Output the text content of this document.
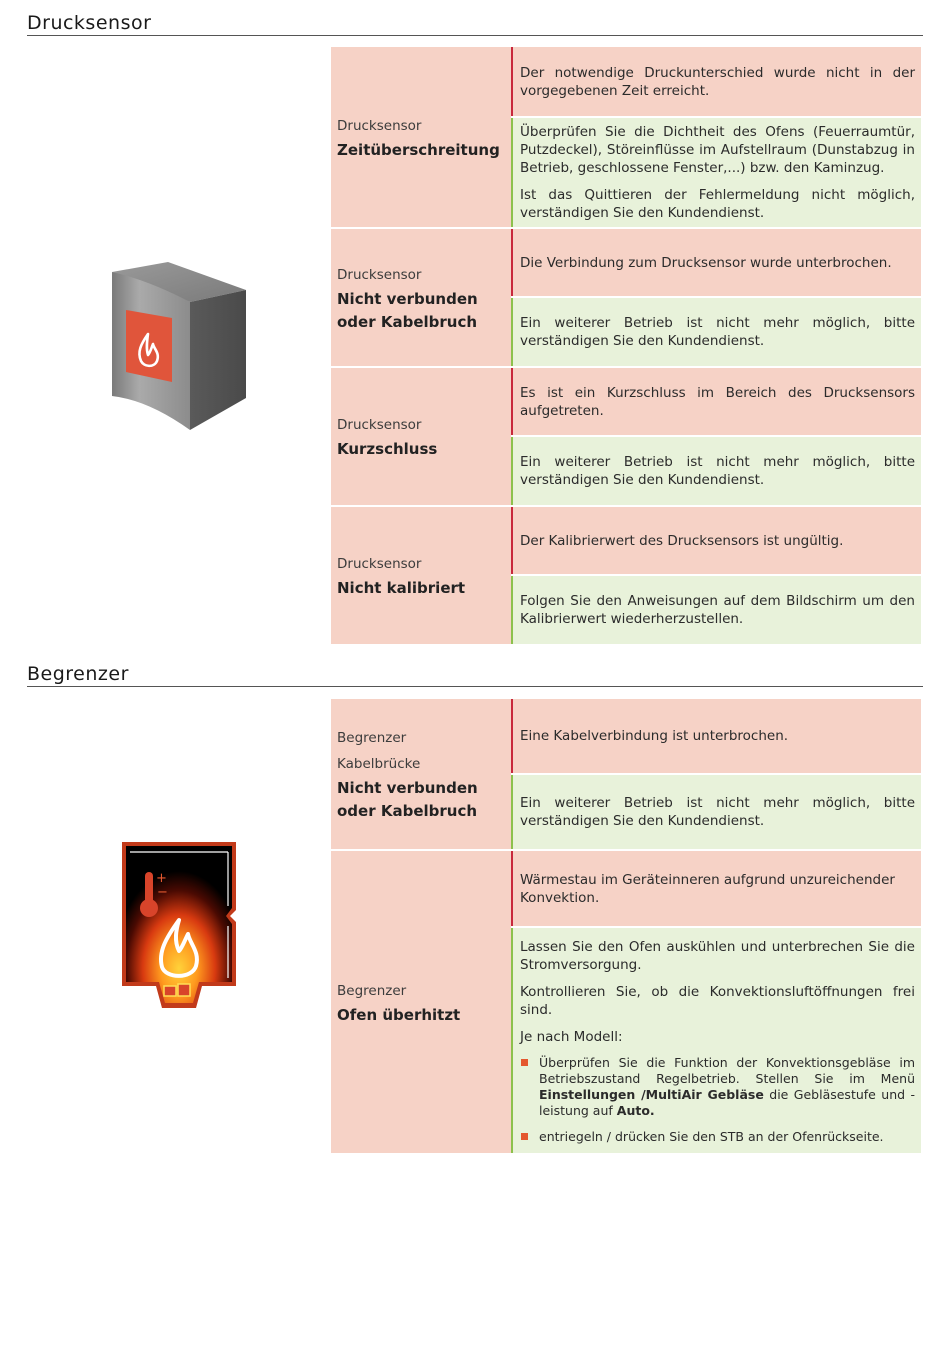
Drucksensor
Drucksensor
Zeitüberschreitung

Der notwendige Druckunterschied wurde nicht in der vorgegebenen Zeit erreicht.

Überprüfen Sie die Dichtheit des Ofens (Feuerraumtür, Putzdeckel), Störeinflüsse im Aufstellraum (Dunstabzug in Betrieb, geschlossene Fenster,...) bzw. den Kaminzug.

Ist das Quittieren der Fehlermeldung nicht möglich, verständigen Sie den Kundendienst.

Drucksensor
Nicht verbunden oder Kabelbruch

Die Verbindung zum Drucksensor wurde unterbrochen.

Ein weiterer Betrieb ist nicht mehr möglich, bitte verständigen Sie den Kundendienst.

Drucksensor
Kurzschluss

Es ist ein Kurzschluss im Bereich des Drucksensors aufgetreten.

Ein weiterer Betrieb ist nicht mehr möglich, bitte verständigen Sie den Kundendienst.

Drucksensor
Nicht kalibriert

Der Kalibrierwert des Drucksensors ist ungültig.

Folgen Sie den Anweisungen auf dem Bildschirm um den Kalibrierwert wiederherzustellen.

Begrenzer
+
−
Begrenzer
Kabelbrücke
Nicht verbunden oder Kabelbruch

Eine Kabelverbindung ist unterbrochen.

Ein weiterer Betrieb ist nicht mehr möglich, bitte verständigen Sie den Kundendienst.

Begrenzer
Ofen überhitzt

Wärmestau im Geräteinneren aufgrund unzureichender Konvektion.

Lassen Sie den Ofen auskühlen und unterbrechen Sie die Stromversorgung.

Kontrollieren Sie, ob die Konvektionsluftöffnungen frei sind.

Je nach Modell:

Überprüfen Sie die Funktion der Konvektionsgebläse im Betriebszustand Regelbetrieb. Stellen Sie im Menü Einstellungen /MultiAir Gebläse die Gebläsestufe und -leistung auf Auto.
entriegeln / drücken Sie den STB an der Ofenrückseite.
